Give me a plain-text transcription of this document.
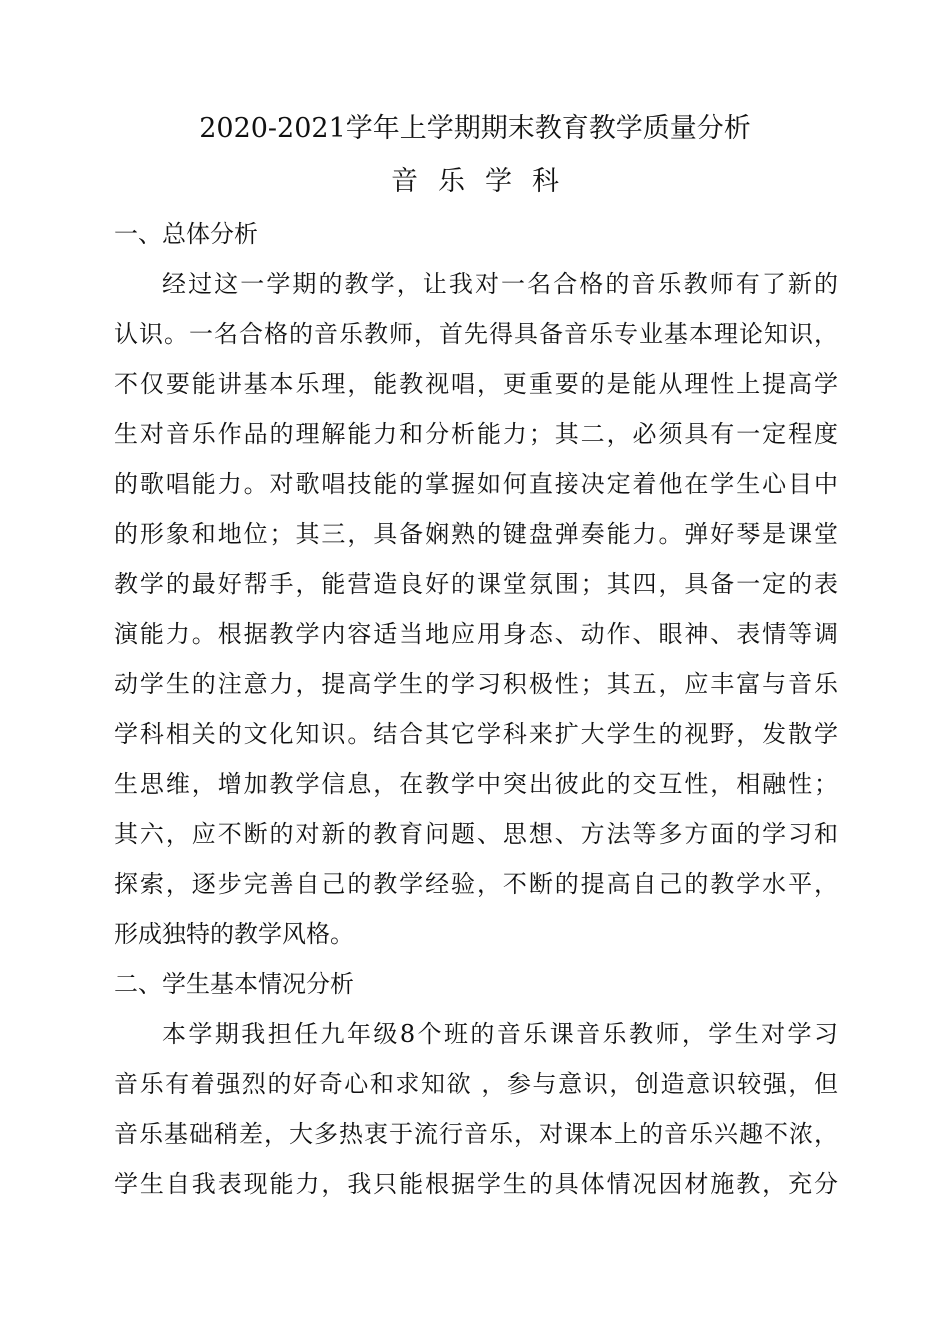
2020-2021学年上学期期末教育教学质量分析
音乐学科
一、总体分析
经过这一学期的教学，让我对一名合格的音乐教师有了新的
认识。一名合格的音乐教师，首先得具备音乐专业基本理论知识，
不仅要能讲基本乐理，能教视唱，更重要的是能从理性上提高学
生对音乐作品的理解能力和分析能力；其二，必须具有一定程度
的歌唱能力。对歌唱技能的掌握如何直接决定着他在学生心目中
的形象和地位；其三，具备娴熟的键盘弹奏能力。弹好琴是课堂
教学的最好帮手，能营造良好的课堂氛围；其四，具备一定的表
演能力。根据教学内容适当地应用身态、动作、眼神、表情等调
动学生的注意力，提高学生的学习积极性；其五，应丰富与音乐
学科相关的文化知识。结合其它学科来扩大学生的视野，发散学
生思维，增加教学信息，在教学中突出彼此的交互性，相融性；
其六，应不断的对新的教育问题、思想、方法等多方面的学习和
探索，逐步完善自己的教学经验，不断的提高自己的教学水平，
形成独特的教学风格。
二、学生基本情况分析
本学期我担任九年级8个班的音乐课音乐教师，学生对学习
音乐有着强烈的好奇心和求知欲 ，参与意识，创造意识较强，但
音乐基础稍差，大多热衷于流行音乐，对课本上的音乐兴趣不浓，
学生自我表现能力，我只能根据学生的具体情况因材施教，充分
